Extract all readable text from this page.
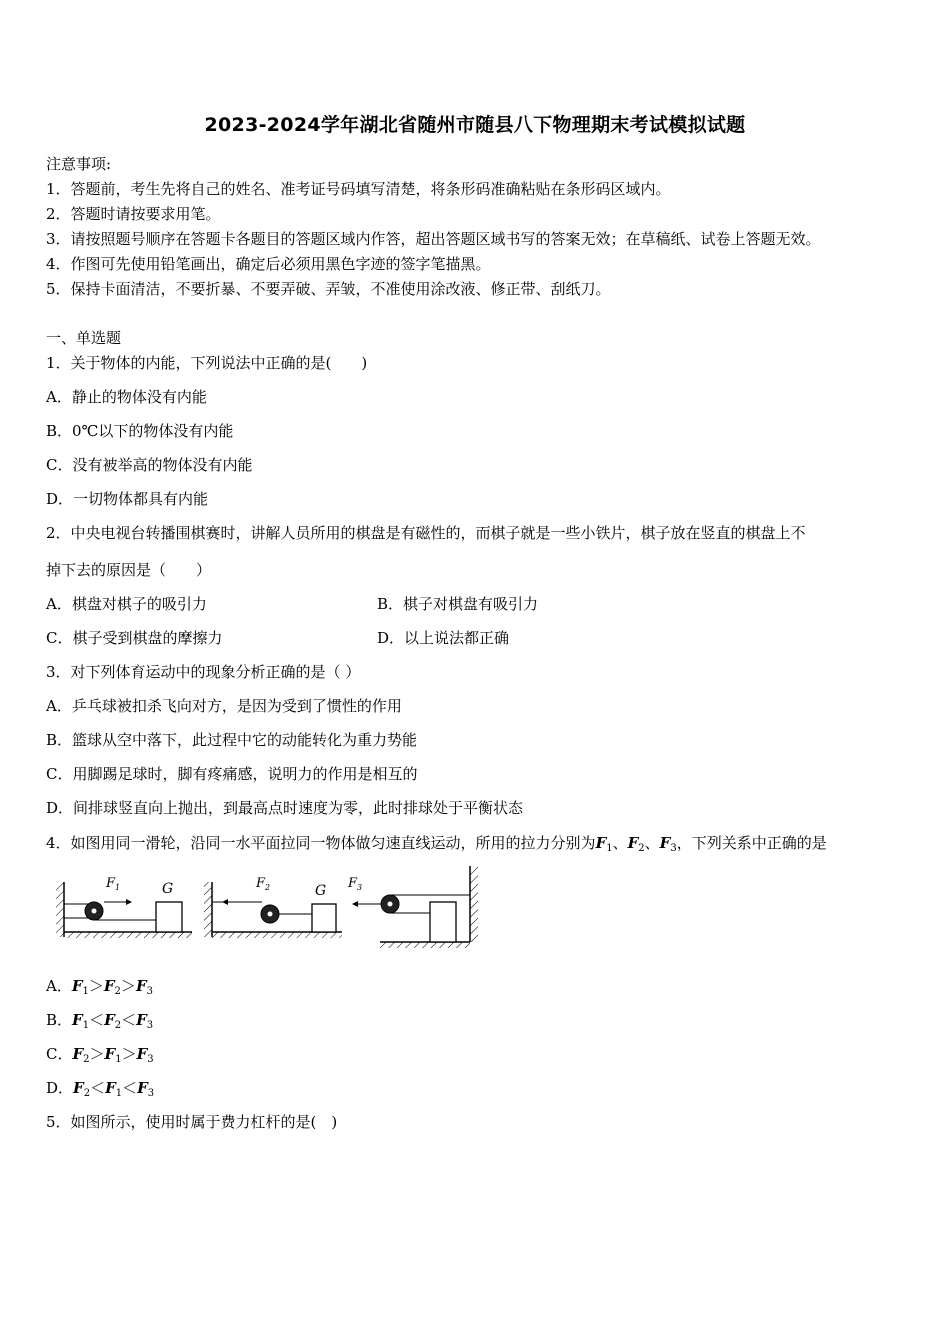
2023-2024学年湖北省随州市随县八下物理期末考试模拟试题
注意事项:
1．答题前，考生先将自己的姓名、准考证号码填写清楚，将条形码准确粘贴在条形码区域内。
2．答题时请按要求用笔。
3．请按照题号顺序在答题卡各题目的答题区域内作答，超出答题区域书写的答案无效；在草稿纸、试卷上答题无效。
4．作图可先使用铅笔画出，确定后必须用黑色字迹的签字笔描黑。
5．保持卡面清洁，不要折暴、不要弄破、弄皱，不准使用涂改液、修正带、刮纸刀。
一、单选题
1．关于物体的内能，下列说法中正确的是(　　)
A．静止的物体没有内能
B．0℃以下的物体没有内能
C．没有被举高的物体没有内能
D．一切物体都具有内能
2．中央电视台转播围棋赛时，讲解人员所用的棋盘是有磁性的，而棋子就是一些小铁片，棋子放在竖直的棋盘上不
掉下去的原因是（　　）
A．棋盘对棋子的吸引力	B．棋子对棋盘有吸引力
C．棋子受到棋盘的摩擦力	D．以上说法都正确
3．对下列体育运动中的现象分析正确的是（ ）
A．乒乓球被扣杀飞向对方，是因为受到了惯性的作用
B．篮球从空中落下，此过程中它的动能转化为重力势能
C．用脚踢足球时，脚有疼痛感，说明力的作用是相互的
D．间排球竖直向上抛出，到最高点时速度为零，此时排球处于平衡状态
4．如图用同一滑轮，沿同一水平面拉同一物体做匀速直线运动，所用的拉力分别为$F_1$、$F_2$、$F_3$，下列关系中正确的是
F 1	G	F 2	G F 3
A．$F_1>F_2>F_3$
B．$F_1<F_2<F_3$
C．$F_2>F_1>F_3$
D．$F_2<F_1<F_3$
5．如图所示，使用时属于费力杠杆的是(　)
